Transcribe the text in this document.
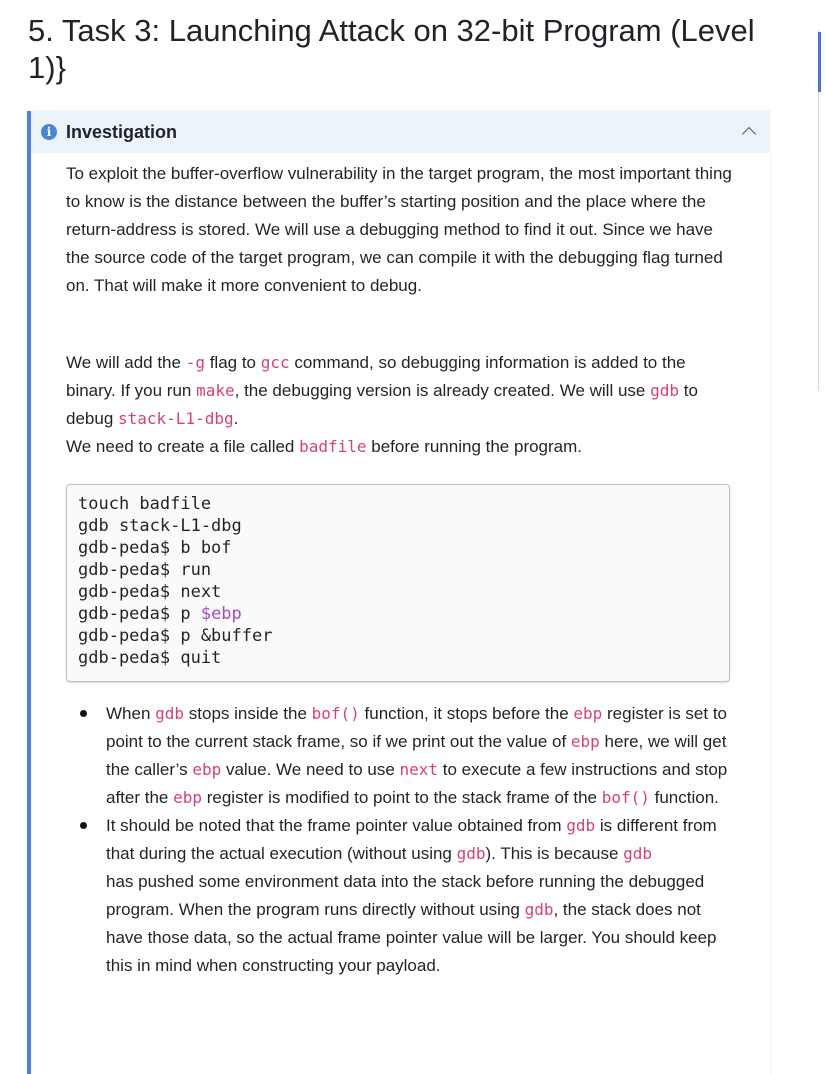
5. Task 3: Launching Attack on 32-bit Program (Level 1)}
i Investigation

To exploit the buffer-overflow vulnerability in the target program, the most important thing to know is the distance between the buffer’s starting position and the place where the return-address is stored. We will use a debugging method to find it out. Since we have the source code of the target program, we can compile it with the debugging flag turned on. That will make it more convenient to debug.

We will add the -g flag to gcc command, so debugging information is added to the binary. If you run make, the debugging version is already created. We will use gdb to debug stack-L1-dbg.
We need to create a file called badfile before running the program.

touch badfile
gdb stack-L1-dbg
gdb-peda$ b bof
gdb-peda$ run
gdb-peda$ next
gdb-peda$ p $ebp
gdb-peda$ p &buffer
gdb-peda$ quit
When gdb stops inside the bof() function, it stops before the ebp register is set to point to the current stack frame, so if we print out the value of ebp here, we will get the caller’s ebp value. We need to use next to execute a few instructions and stop after the ebp register is modified to point to the stack frame of the bof() function.
It should be noted that the frame pointer value obtained from gdb is different from that during the actual execution (without using gdb). This is because gdb
has pushed some environment data into the stack before running the debugged program. When the program runs directly without using gdb, the stack does not have those data, so the actual frame pointer value will be larger. You should keep this in mind when constructing your payload.
